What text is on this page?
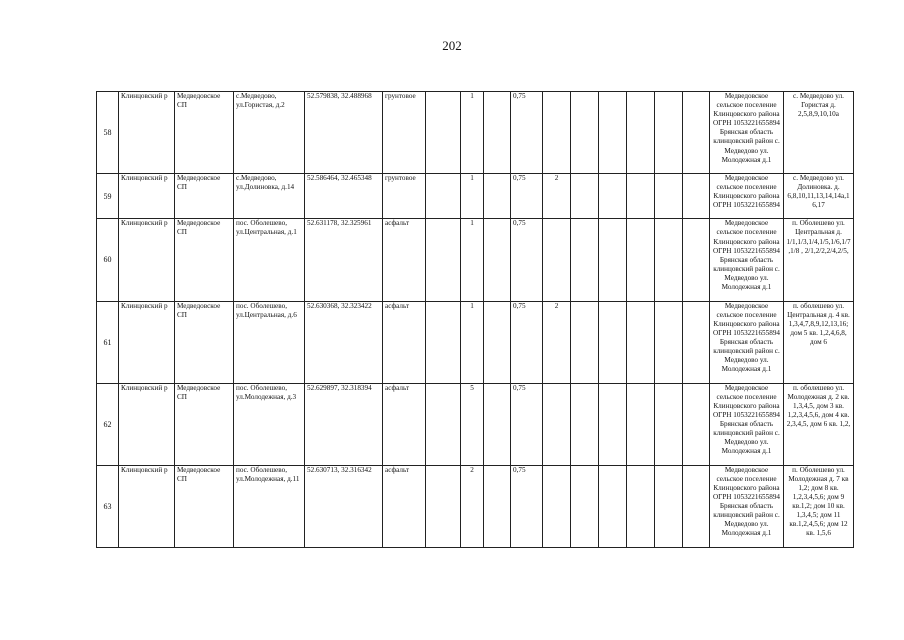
202
58	Клинцовский р	Медведовское СП	с.Медведово, ул.Гористая, д.2	52.579838, 32.488968	грунтовое		1		0,75							Медведовское сельское поселение Клинцовского района ОГРН 1053221655894 Брянская область клинцовский район с. Медведово ул. Молодежная д.1	с. Медведово ул. Гористая д. 2,5,8,9,10,10а
59	Клинцовский р	Медведовское СП	с.Медведово, ул.Долиновка, д.14	52.586464, 32.465348	грунтовое		1		0,75	2						Медведовское сельское поселение Клинцовского района ОГРН 1053221655894	с. Медведово ул. Долиновка. д. 6,8,10,11,13,14,14а,1 6,17
60	Клинцовский р	Медведовское СП	пос. Оболешево, ул.Центральная, д.1	52.631178, 32.325961	асфальт		1		0,75							Медведовское сельское поселение Клинцовского района ОГРН 1053221655894 Брянская область клинцовский район с. Медведово ул. Молодежная д.1	п. Оболешево ул. Центральная д. 1/1,1/3,1/4,1/5,1/6,1/7 ,1/8 , 2/1,2/2,2/4,2/5,
61	Клинцовский р	Медведовское СП	пос. Оболешево, ул.Центральная, д.6	52.630368, 32.323422	асфальт		1		0,75	2						Медведовское сельское поселение Клинцовского района ОГРН 1053221655894 Брянская область клинцовский район с. Медведово ул. Молодежная д.1	п. оболешево ул. Центральная д. 4 кв. 1,3,4,7,8,9,12,13,16; дом 5 кв. 1,2,4,6,8, дом 6
62	Клинцовский р	Медведовское СП	пос. Оболешево, ул.Молодежная, д.3	52.629897, 32.318394	асфальт		5		0,75							Медведовское сельское поселение Клинцовского района ОГРН 1053221655894 Брянская область клинцовский район с. Медведово ул. Молодежная д.1	п. оболешево ул. Молодежная д. 2 кв. 1,3,4,5, дом 3 кв. 1,2,3,4,5,6, дом 4 кв. 2,3,4,5, дом 6 кв. 1,2,
63	Клинцовский р	Медведовское СП	пос. Оболешево, ул.Молодежная, д.11	52.630713, 32.316342	асфальт		2		0,75							Медведовское сельское поселение Клинцовского района ОГРН 1053221655894 Брянская область клинцовский район с. Медведово ул. Молодежная д.1	п. Оболешево ул. Молодежная д. 7 кв 1,2; дом 8 кв. 1,2,3,4,5,6; дом 9 кв.1,2; дом 10 кв. 1,3,4,5; дом 11 кв.1,2,4,5,6; дом 12 кв. 1,5,6
